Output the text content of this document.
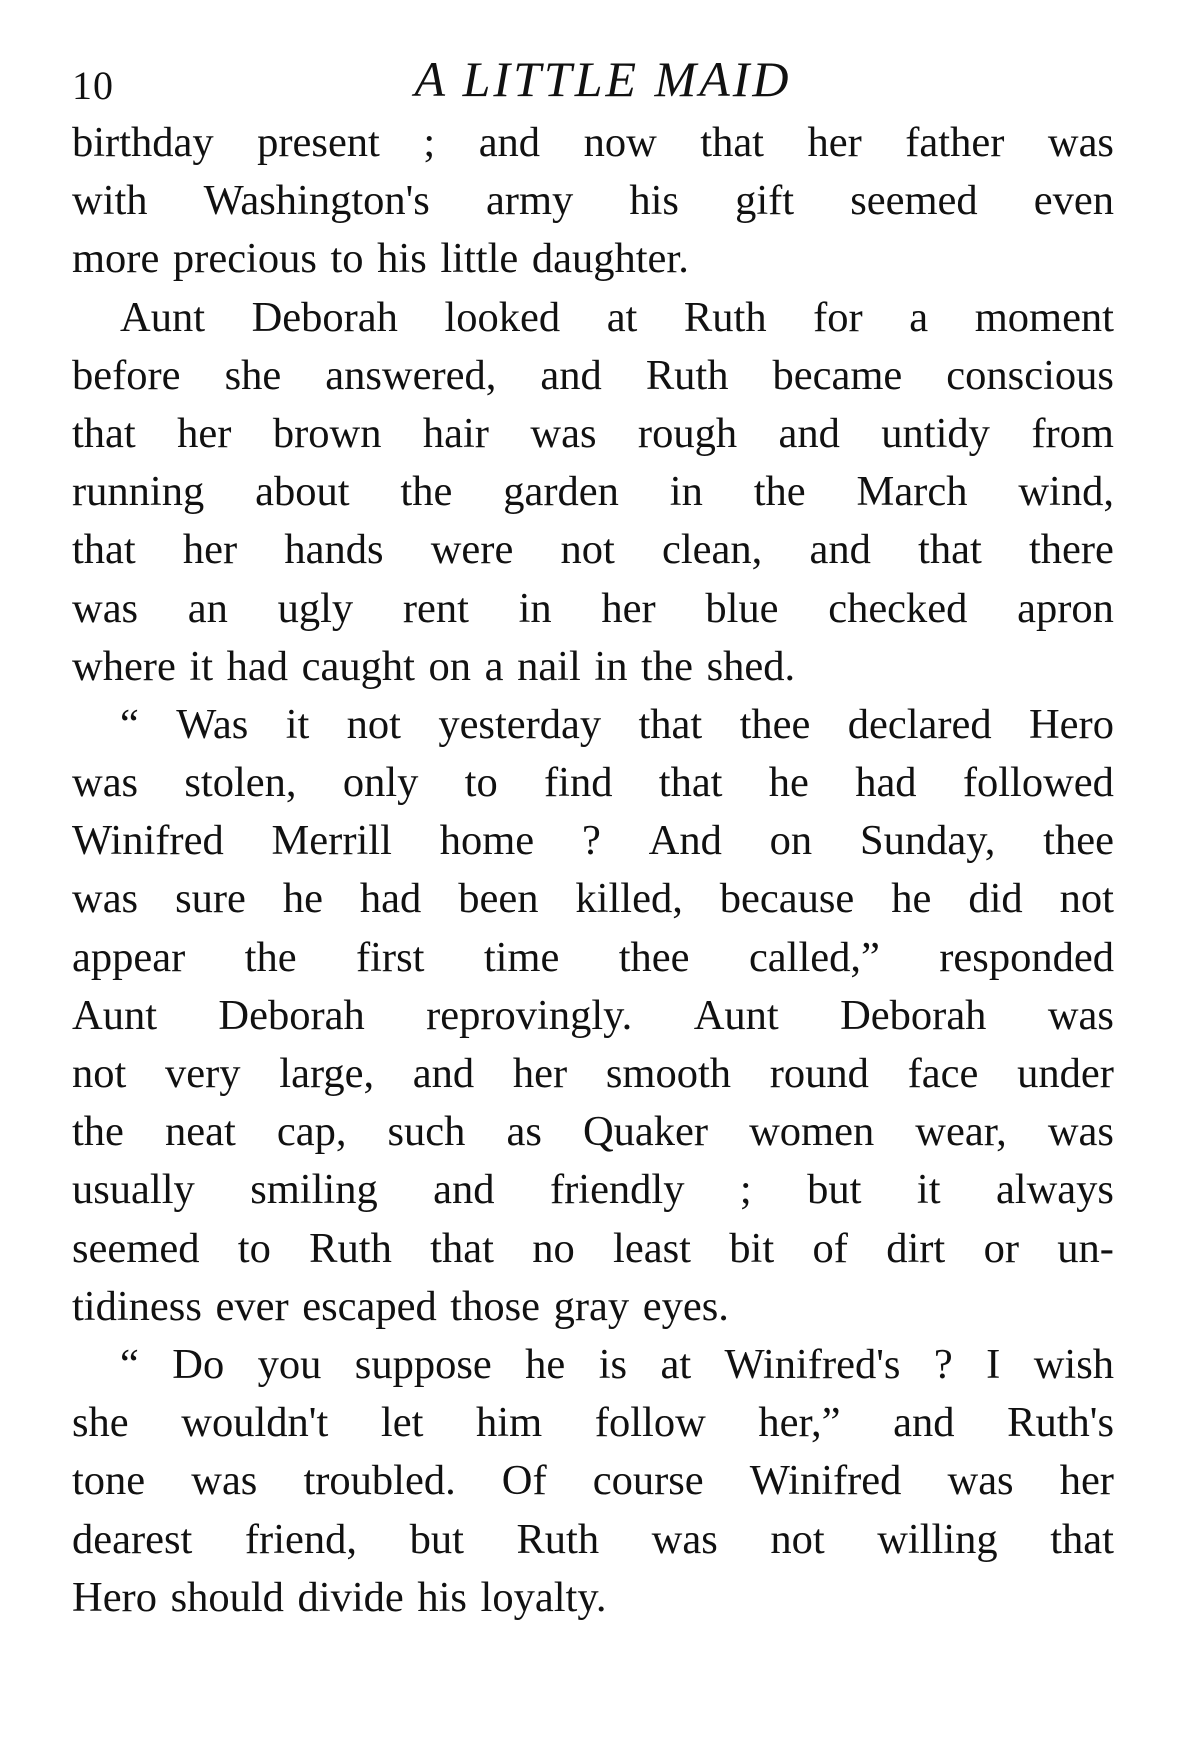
10	A LITTLE MAID
birthday present ; and now that her father was
with Washington's army his gift seemed even
more precious to his little daughter.
Aunt Deborah looked at Ruth for a moment
before she answered, and Ruth became conscious
that her brown hair was rough and untidy from
running about the garden in the March wind,
that her hands were not clean, and that there
was an ugly rent in her blue checked apron
where it had caught on a nail in the shed.
“ Was it not yesterday that thee declared Hero
was stolen, only to find that he had followed
Winifred Merrill home ? And on Sunday, thee
was sure he had been killed, because he did not
appear the first time thee called,” responded
Aunt Deborah reprovingly. Aunt Deborah was
not very large, and her smooth round face under
the neat cap, such as Quaker women wear, was
usually smiling and friendly ; but it always
seemed to Ruth that no least bit of dirt or un-
tidiness ever escaped those gray eyes.
“ Do you suppose he is at Winifred's ? I wish
she wouldn't let him follow her,” and Ruth's
tone was troubled. Of course Winifred was her
dearest friend, but Ruth was not willing that
Hero should divide his loyalty.
